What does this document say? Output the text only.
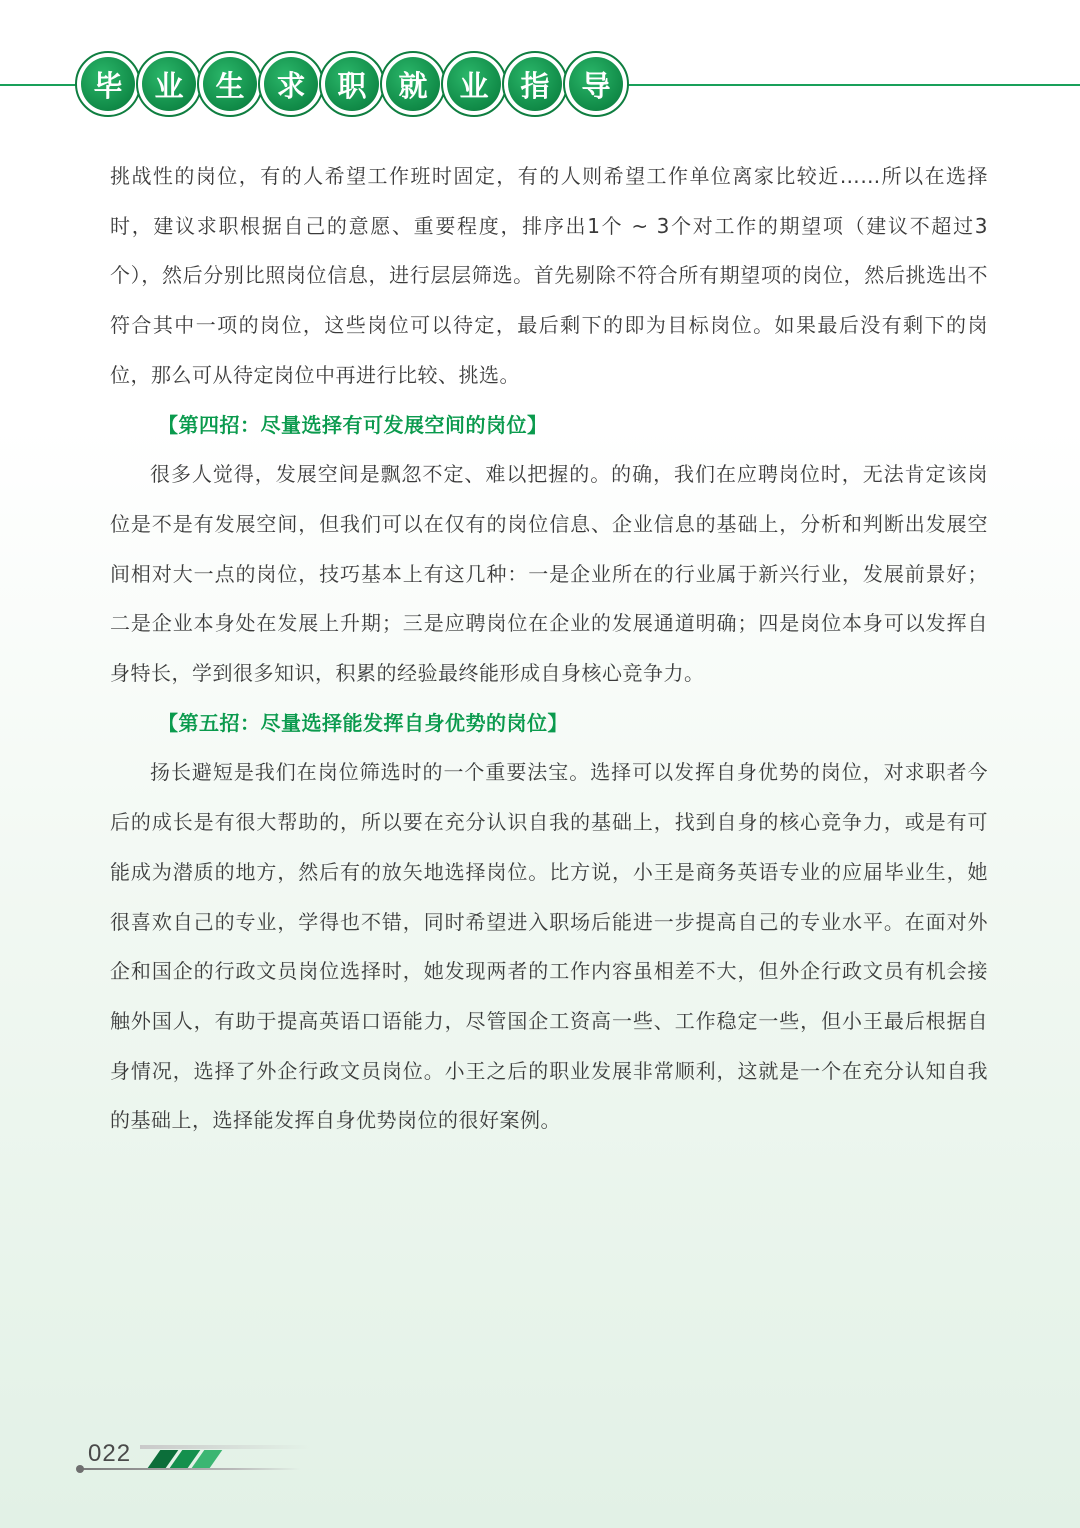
毕	业	生	求	职	就	业	指	导

挑战性的岗位，有的人希望工作班时固定，有的人则希望工作单位离家比较近……所以在选择时，建议求职根据自己的意愿、重要程度，排序出1个 ~ 3个对工作的期望项（建议不超过3个），然后分别比照岗位信息，进行层层筛选。首先剔除不符合所有期望项的岗位，然后挑选出不符合其中一项的岗位，这些岗位可以待定，最后剩下的即为目标岗位。如果最后没有剩下的岗位，那么可从待定岗位中再进行比较、挑选。

【第四招：尽量选择有可发展空间的岗位】

很多人觉得，发展空间是飘忽不定、难以把握的。的确，我们在应聘岗位时，无法肯定该岗位是不是有发展空间，但我们可以在仅有的岗位信息、企业信息的基础上，分析和判断出发展空间相对大一点的岗位，技巧基本上有这几种：一是企业所在的行业属于新兴行业，发展前景好；二是企业本身处在发展上升期；三是应聘岗位在企业的发展通道明确；四是岗位本身可以发挥自身特长，学到很多知识，积累的经验最终能形成自身核心竞争力。

【第五招：尽量选择能发挥自身优势的岗位】

扬长避短是我们在岗位筛选时的一个重要法宝。选择可以发挥自身优势的岗位，对求职者今后的成长是有很大帮助的，所以要在充分认识自我的基础上，找到自身的核心竞争力，或是有可能成为潜质的地方，然后有的放矢地选择岗位。比方说，小王是商务英语专业的应届毕业生，她很喜欢自己的专业，学得也不错，同时希望进入职场后能进一步提高自己的专业水平。在面对外企和国企的行政文员岗位选择时，她发现两者的工作内容虽相差不大，但外企行政文员有机会接触外国人，有助于提高英语口语能力，尽管国企工资高一些、工作稳定一些，但小王最后根据自身情况，选择了外企行政文员岗位。小王之后的职业发展非常顺利，这就是一个在充分认知自我的基础上，选择能发挥自身优势岗位的很好案例。

022
